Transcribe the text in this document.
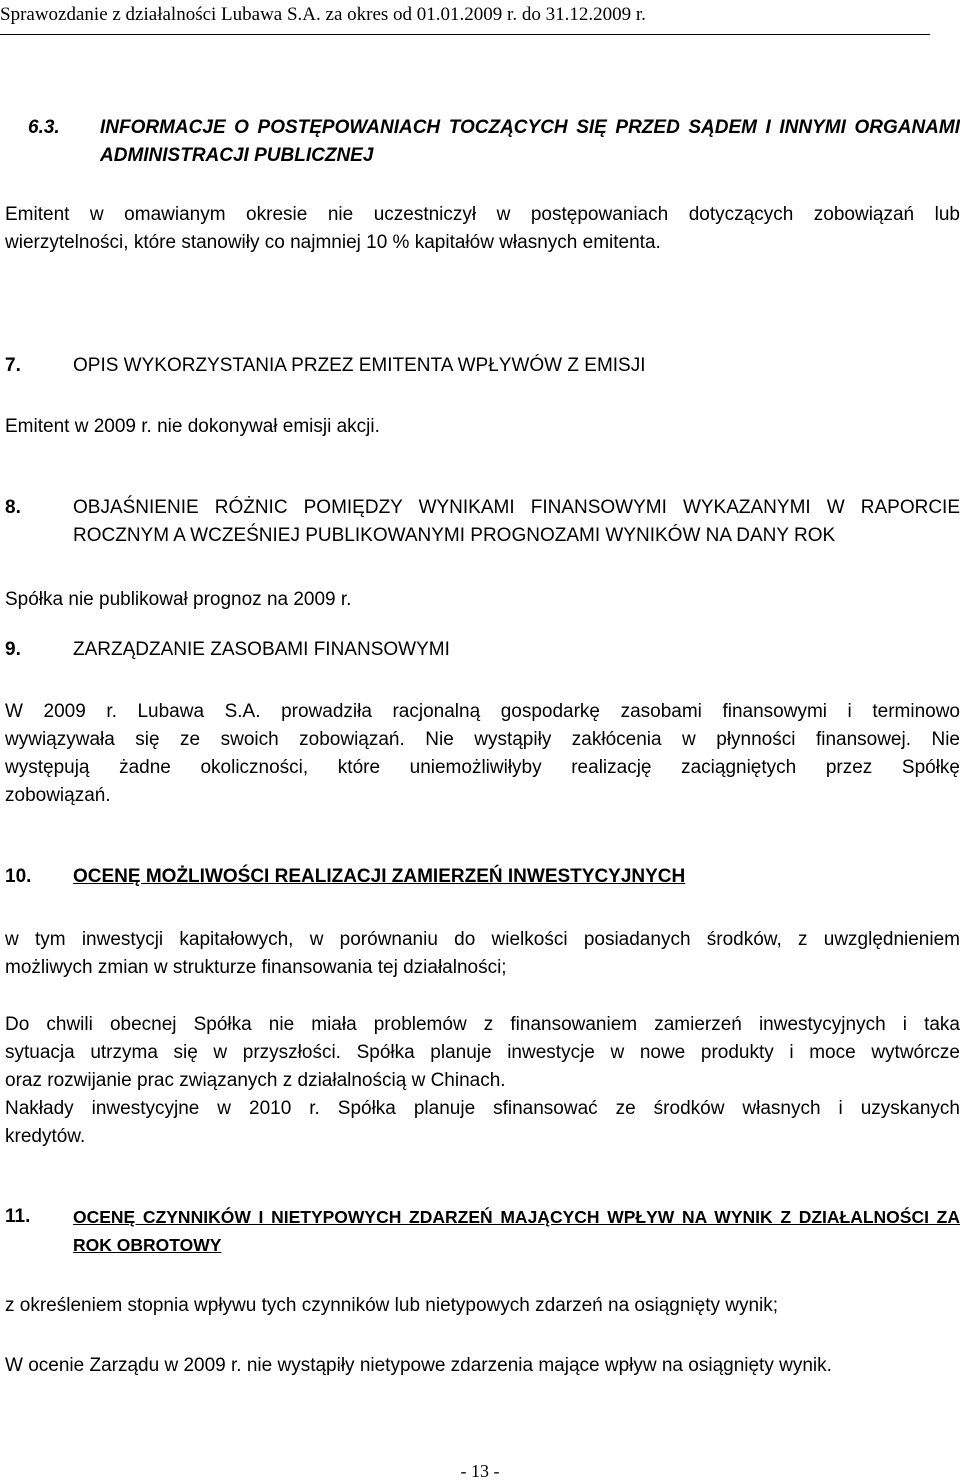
Sprawozdanie z działalności Lubawa S.A. za okres od 01.01.2009 r. do 31.12.2009 r.
6.3. INFORMACJE O POSTĘPOWANIACH TOCZĄCYCH SIĘ PRZED SĄDEM I INNYMI ORGANAMI
ADMINISTRACJI PUBLICZNEJ
Emitent w omawianym okresie nie uczestniczył w postępowaniach dotyczących zobowiązań lub
wierzytelności, które stanowiły co najmniej 10 % kapitałów własnych emitenta.
7.	OPIS WYKORZYSTANIA PRZEZ EMITENTA WPŁYWÓW Z EMISJI
Emitent w 2009 r. nie dokonywał emisji akcji.
8.	OBJAŚNIENIE RÓŻNIC POMIĘDZY WYNIKAMI FINANSOWYMI WYKAZANYMI W RAPORCIE
ROCZNYM A WCZEŚNIEJ PUBLIKOWANYMI PROGNOZAMI WYNIKÓW NA DANY ROK
Spółka nie publikował prognoz na 2009 r.
9.	ZARZĄDZANIE ZASOBAMI FINANSOWYMI
W 2009 r. Lubawa S.A. prowadziła racjonalną gospodarkę zasobami finansowymi i terminowo
wywiązywała się ze swoich zobowiązań. Nie wystąpiły zakłócenia w płynności finansowej. Nie
występują żadne okoliczności, które uniemożliwiłyby realizację zaciągniętych przez Spółkę
zobowiązań.
10. OCENĘ MOŻLIWOŚCI REALIZACJI ZAMIERZEŃ INWESTYCYJNYCH
w tym inwestycji kapitałowych, w porównaniu do wielkości posiadanych środków, z uwzględnieniem
możliwych zmian w strukturze finansowania tej działalności;
Do chwili obecnej Spółka nie miała problemów z finansowaniem zamierzeń inwestycyjnych i taka
sytuacja utrzyma się w przyszłości. Spółka planuje inwestycje w nowe produkty i moce wytwórcze
oraz rozwijanie prac związanych z działalnością w Chinach.
Nakłady inwestycyjne w 2010 r. Spółka planuje sfinansować ze środków własnych i uzyskanych
kredytów.
11. OCENĘ CZYNNIKÓW I NIETYPOWYCH ZDARZEŃ MAJĄCYCH WPŁYW NA WYNIK Z DZIAŁALNOŚCI ZA
ROK OBROTOWY
z określeniem stopnia wpływu tych czynników lub nietypowych zdarzeń na osiągnięty wynik;
W ocenie Zarządu w 2009 r. nie wystąpiły nietypowe zdarzenia mające wpływ na osiągnięty wynik.
- 13 -
